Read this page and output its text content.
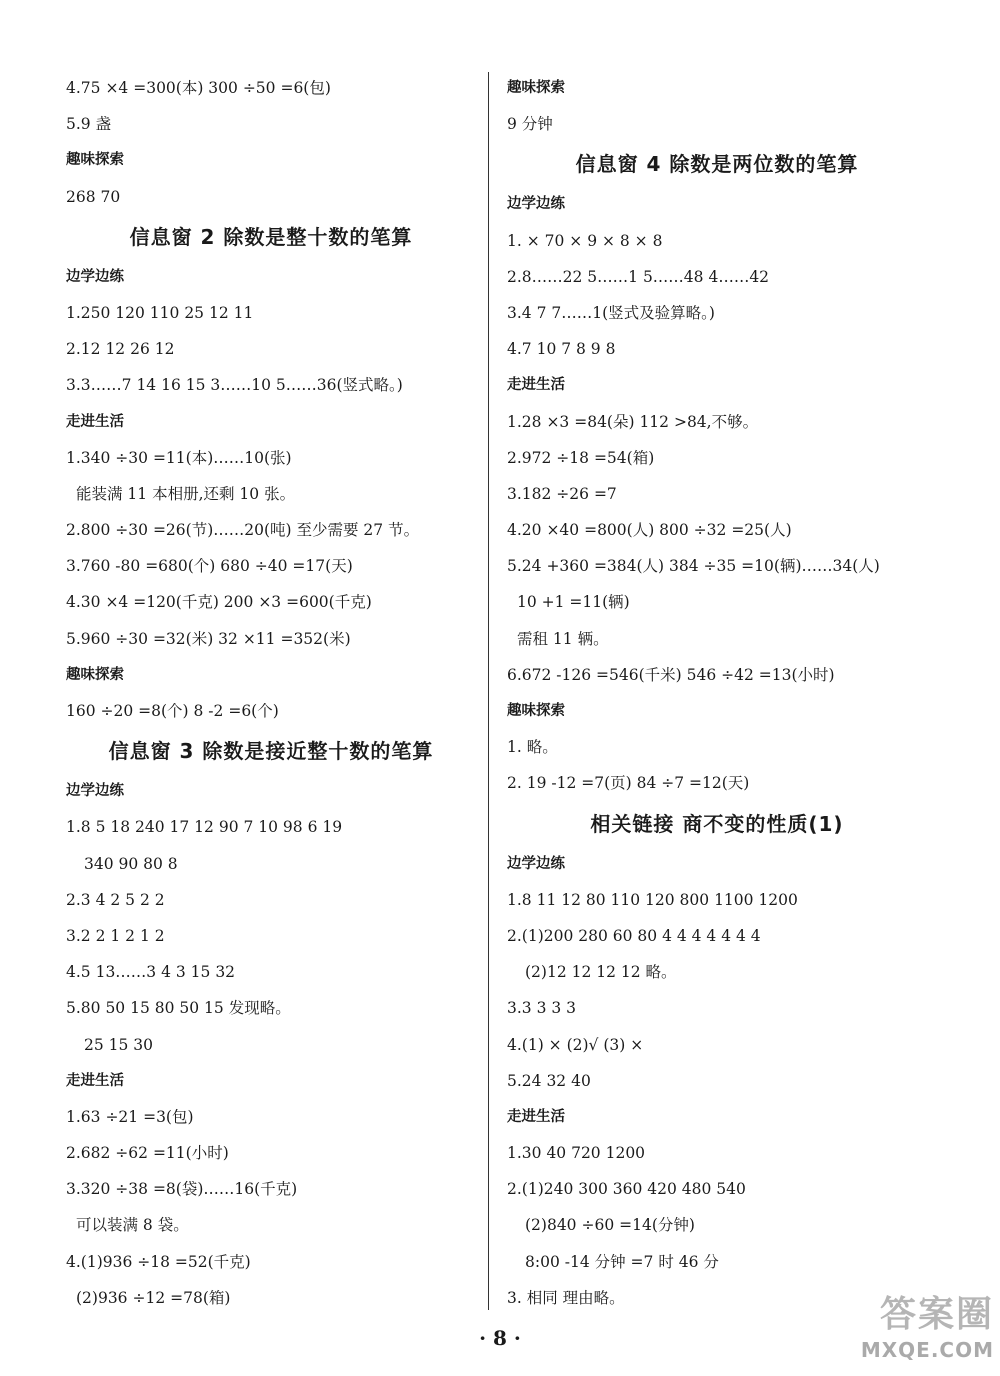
4.75 ×4 =300(本) 300 ÷50 =6(包)
5.9 盏
趣味探索
268 70
信息窗 2 除数是整十数的笔算
边学边练
1.250 120 110 25 12 11
2.12 12 26 12
3.3……7 14 16 15 3……10 5……36(竖式略。)
走进生活
1.340 ÷30 =11(本)……10(张)
能装满 11 本相册,还剩 10 张。
2.800 ÷30 =26(节)……20(吨) 至少需要 27 节。
3.760 -80 =680(个) 680 ÷40 =17(天)
4.30 ×4 =120(千克) 200 ×3 =600(千克)
5.960 ÷30 =32(米) 32 ×11 =352(米)
趣味探索
160 ÷20 =8(个) 8 -2 =6(个)
信息窗 3 除数是接近整十数的笔算
边学边练
1.8 5 18 240 17 12 90 7 10 98 6 19
340 90 80 8
2.3 4 2 5 2 2
3.2 2 1 2 1 2
4.5 13……3 4 3 15 32
5.80 50 15 80 50 15 发现略。
25 15 30
走进生活
1.63 ÷21 =3(包)
2.682 ÷62 =11(小时)
3.320 ÷38 =8(袋)……16(千克)
可以装满 8 袋。
4.(1)936 ÷18 =52(千克)
(2)936 ÷12 =78(箱)
趣味探索
9 分钟
信息窗 4 除数是两位数的笔算
边学边练
1. × 70 × 9 × 8 × 8
2.8……22 5……1 5……48 4……42
3.4 7 7……1(竖式及验算略。)
4.7 10 7 8 9 8
走进生活
1.28 ×3 =84(朵) 112 >84,不够。
2.972 ÷18 =54(箱)
3.182 ÷26 =7
4.20 ×40 =800(人) 800 ÷32 =25(人)
5.24 +360 =384(人) 384 ÷35 =10(辆)……34(人)
10 +1 =11(辆)
需租 11 辆。
6.672 -126 =546(千米) 546 ÷42 =13(小时)
趣味探索
1. 略。
2. 19 -12 =7(页) 84 ÷7 =12(天)
相关链接 商不变的性质(1)
边学边练
1.8 11 12 80 110 120 800 1100 1200
2.(1)200 280 60 80 4 4 4 4 4 4 4
(2)12 12 12 12 略。
3.3 3 3 3
4.(1) × (2)√ (3) ×
5.24 32 40
走进生活
1.30 40 720 1200
2.(1)240 300 360 420 480 540
(2)840 ÷60 =14(分钟)
8:00 -14 分钟 =7 时 46 分
3. 相同 理由略。
· 8 ·
答案圈
MXQE.COM
